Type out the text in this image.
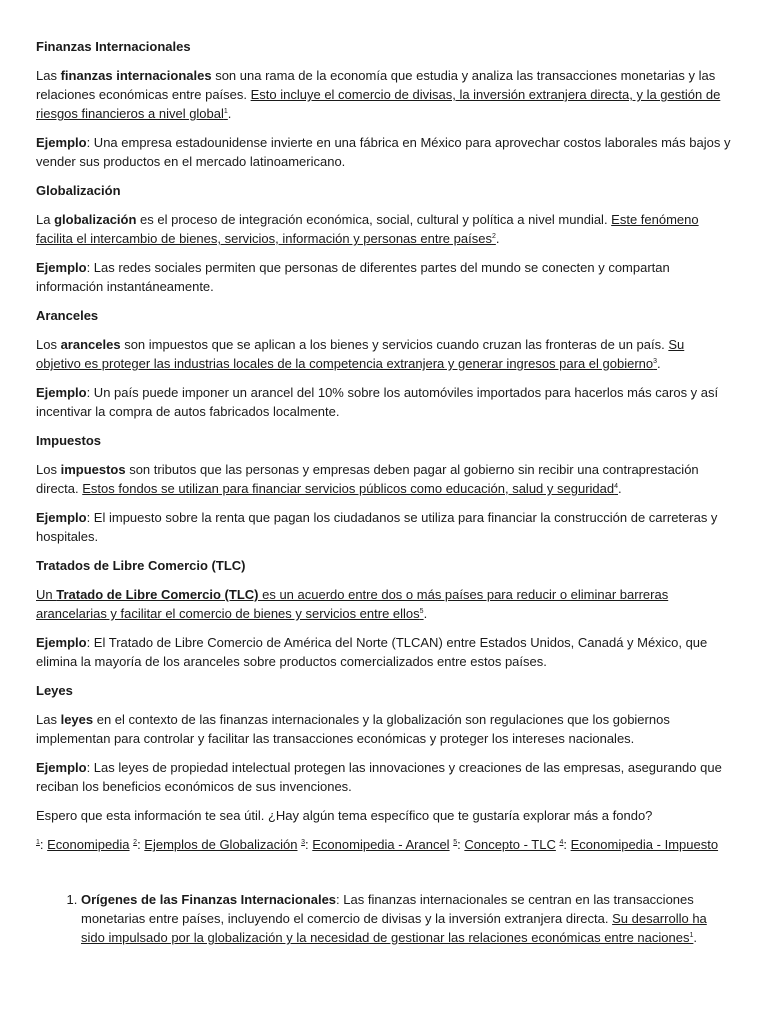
Finanzas Internacionales

Las finanzas internacionales son una rama de la economía que estudia y analiza las transacciones monetarias y las relaciones económicas entre países. Esto incluye el comercio de divisas, la inversión extranjera directa, y la gestión de riesgos financieros a nivel global$^1$.

Ejemplo: Una empresa estadounidense invierte en una fábrica en México para aprovechar costos laborales más bajos y vender sus productos en el mercado latinoamericano.

Globalización

La globalización es el proceso de integración económica, social, cultural y política a nivel mundial. Este fenómeno facilita el intercambio de bienes, servicios, información y personas entre países$^2$.

Ejemplo: Las redes sociales permiten que personas de diferentes partes del mundo se conecten y compartan información instantáneamente.

Aranceles

Los aranceles son impuestos que se aplican a los bienes y servicios cuando cruzan las fronteras de un país. Su objetivo es proteger las industrias locales de la competencia extranjera y generar ingresos para el gobierno$^3$.

Ejemplo: Un país puede imponer un arancel del 10% sobre los automóviles importados para hacerlos más caros y así incentivar la compra de autos fabricados localmente.

Impuestos

Los impuestos son tributos que las personas y empresas deben pagar al gobierno sin recibir una contraprestación directa. Estos fondos se utilizan para financiar servicios públicos como educación, salud y seguridad$^4$.

Ejemplo: El impuesto sobre la renta que pagan los ciudadanos se utiliza para financiar la construcción de carreteras y hospitales.

Tratados de Libre Comercio (TLC)

Un Tratado de Libre Comercio (TLC) es un acuerdo entre dos o más países para reducir o eliminar barreras arancelarias y facilitar el comercio de bienes y servicios entre ellos$^5$.

Ejemplo: El Tratado de Libre Comercio de América del Norte (TLCAN) entre Estados Unidos, Canadá y México, que elimina la mayoría de los aranceles sobre productos comercializados entre estos países.

Leyes

Las leyes en el contexto de las finanzas internacionales y la globalización son regulaciones que los gobiernos implementan para controlar y facilitar las transacciones económicas y proteger los intereses nacionales.

Ejemplo: Las leyes de propiedad intelectual protegen las innovaciones y creaciones de las empresas, asegurando que reciban los beneficios económicos de sus invenciones.

Espero que esta información te sea útil. ¿Hay algún tema específico que te gustaría explorar más a fondo?

$^1$: Economipedia $^2$: Ejemplos de Globalización $^3$: Economipedia - Arancel $^5$: Concepto - TLC $^4$: Economipedia - Impuesto

1. Orígenes de las Finanzas Internacionales: Las finanzas internacionales se centran en las transacciones monetarias entre países, incluyendo el comercio de divisas y la inversión extranjera directa. Su desarrollo ha sido impulsado por la globalización y la necesidad de gestionar las relaciones económicas entre naciones$^1$.
